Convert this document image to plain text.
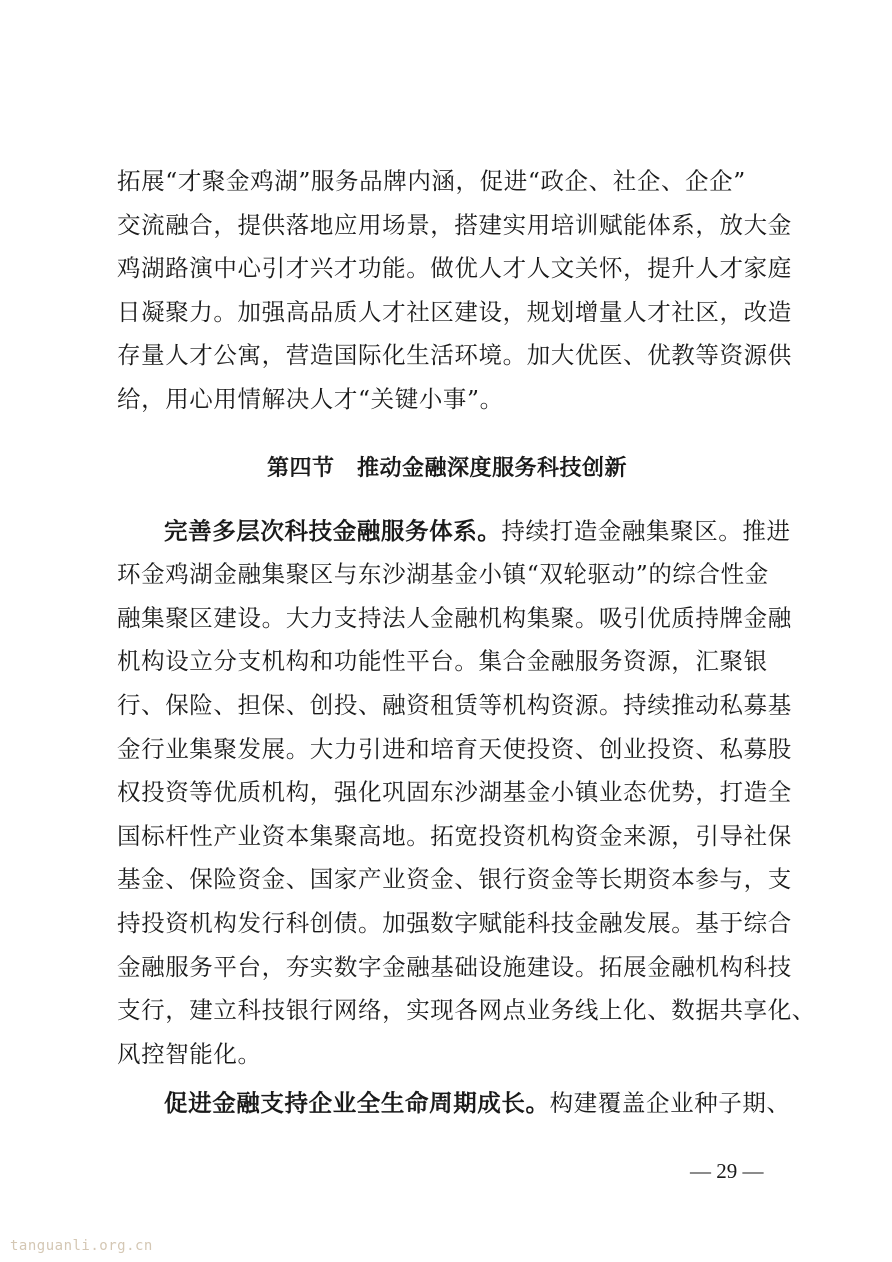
拓展“才聚金鸡湖”服务品牌内涵，促进“政企、社企、企企”
交流融合，提供落地应用场景，搭建实用培训赋能体系，放大金
鸡湖路演中心引才兴才功能。做优人才人文关怀，提升人才家庭
日凝聚力。加强高品质人才社区建设，规划增量人才社区，改造
存量人才公寓，营造国际化生活环境。加大优医、优教等资源供
给，用心用情解决人才“关键小事”。

第四节　推动金融深度服务科技创新

完善多层次科技金融服务体系。持续打造金融集聚区。推进
环金鸡湖金融集聚区与东沙湖基金小镇“双轮驱动”的综合性金
融集聚区建设。大力支持法人金融机构集聚。吸引优质持牌金融
机构设立分支机构和功能性平台。集合金融服务资源，汇聚银
行、保险、担保、创投、融资租赁等机构资源。持续推动私募基
金行业集聚发展。大力引进和培育天使投资、创业投资、私募股
权投资等优质机构，强化巩固东沙湖基金小镇业态优势，打造全
国标杆性产业资本集聚高地。拓宽投资机构资金来源，引导社保
基金、保险资金、国家产业资金、银行资金等长期资本参与，支
持投资机构发行科创债。加强数字赋能科技金融发展。基于综合
金融服务平台，夯实数字金融基础设施建设。拓展金融机构科技
支行，建立科技银行网络，实现各网点业务线上化、数据共享化、
风控智能化。

促进金融支持企业全生命周期成长。构建覆盖企业种子期、

— 29 —
tanguanli.org.cn
